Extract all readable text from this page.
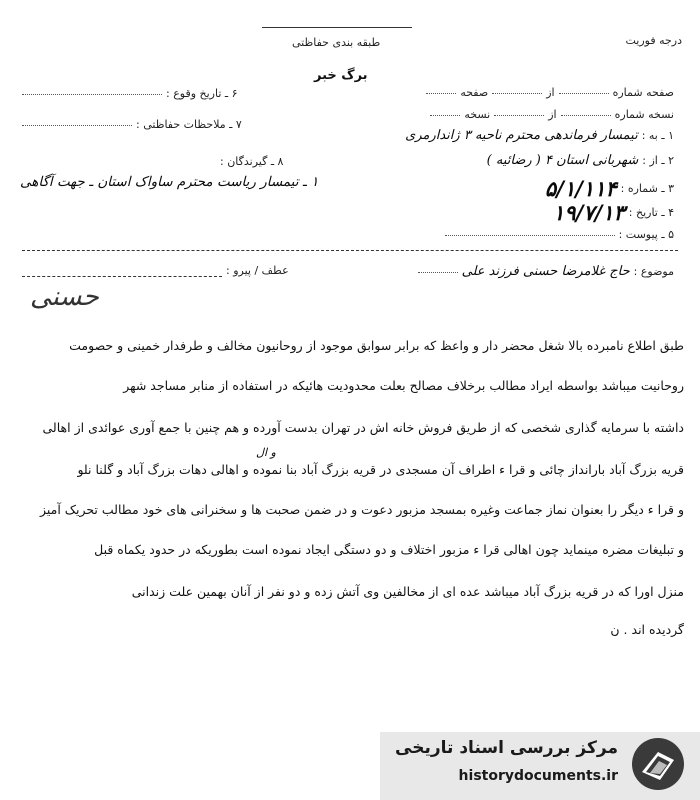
درجه فوریت
طبقه بندی حفاظتی
برگ خبر
۶ ـ تاریخ وقوع :
۷ ـ ملاحظات حفاظتی :
۸ ـ گیرندگان :
۱ ـ تیمسار ریاست محترم ساواک استان ـ جهت آگاهی
صفحه شماره
از
صفحه
نسخه شماره
از
نسخه
۱ ـ به :
تیمسار فرماندهی محترم ناحیه ۳ ژاندارمری
۲ ـ از :
شهربانی استان ۴ ( رضائیه )
۳ ـ شماره :
۵/۱/۱۱۴
۴ ـ تاریخ :
۱۹/۷/۱۳
۵ ـ پیوست :
موضوع :
حاج غلامرضا حسنی فرزند علی
عطف / پیرو :
حسنی
طبق اطلاع نامبرده بالا شغل محضر دار و واعظ که برابر سوابق موجود از روحانیون مخالف و طرفدار خمینی و حصومت
روحانیت میباشد بواسطه ایراد مطالب برخلاف مصالح بعلت محدودیت هائیکه در استفاده از منابر مساجد شهر
داشته با سرمایه گذاری شخصی که از طریق فروش خانه اش در تهران بدست آورده و هم چنین با جمع آوری عوائدی از اهالی
و ال
قریه بزرگ آباد بارانداز چائی و قرا ء اطراف آن مسجدی در قریه بزرگ آباد بنا نموده و اهالی دهات بزرگ آباد و گلنا نلو
و قرا ء دیگر را بعنوان نماز جماعت وغیره بمسجد مزبور دعوت و در ضمن صحبت ها و سخنرانی های خود مطالب تحریک آمیز
و تبلیغات مضره مینماید چون اهالی قرا ء مزبور اختلاف و دو دستگی ایجاد نموده است بطوریکه در حدود یکماه قبل
منزل اورا که در قریه بزرگ آباد میباشد عده ای از مخالفین وی آتش زده و دو نفر از آنان بهمین علت زندانی
گردیده اند . ن
مرکز بررسی اسناد تاریخی
historydocuments.ir
